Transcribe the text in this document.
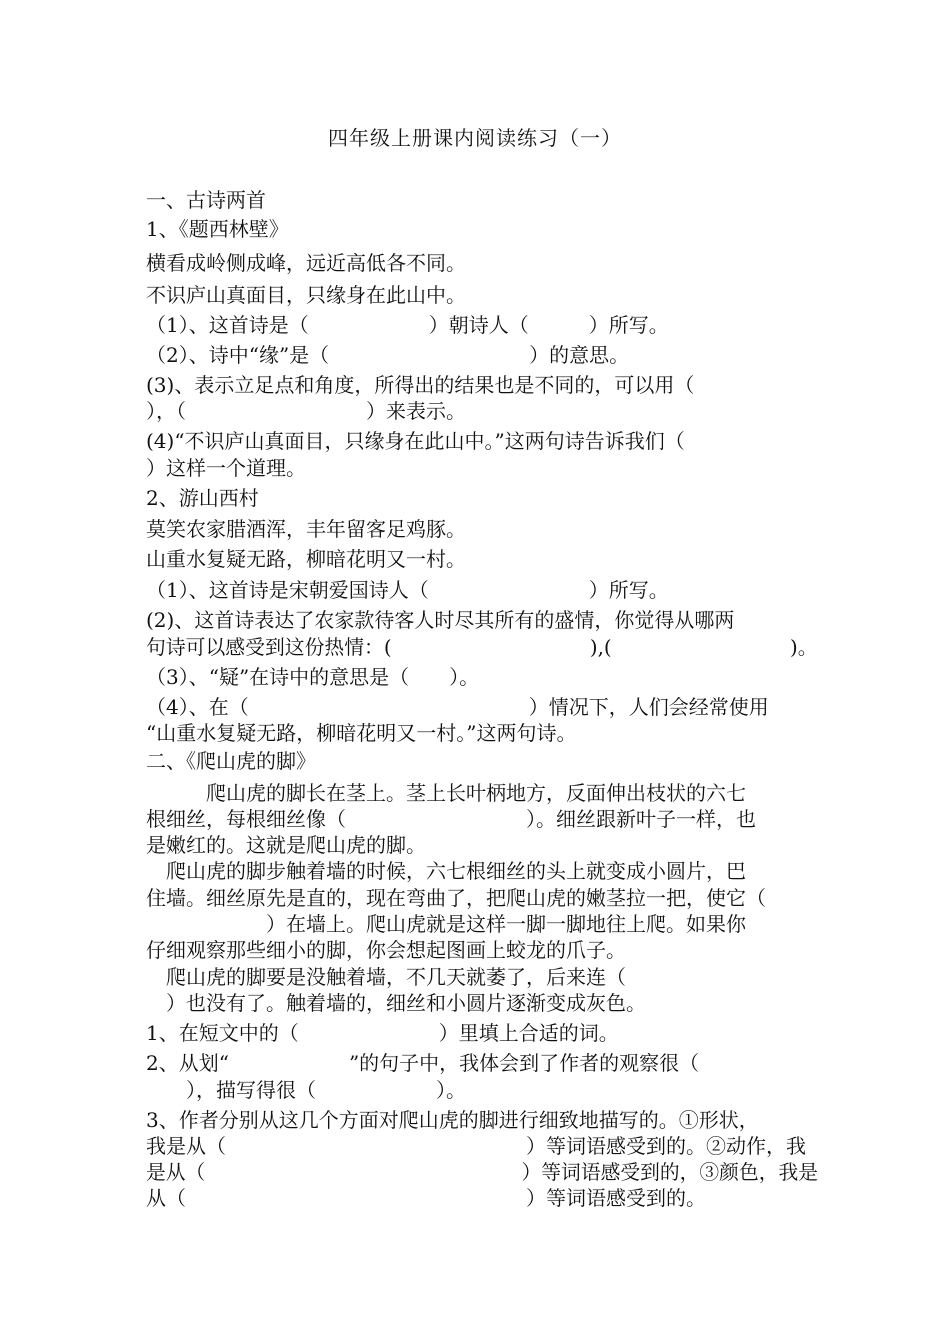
四年级上册课内阅读练习（一）
一、古诗两首
1、《题西林壁》
横看成岭侧成峰，远近高低各不同。
不识庐山真面目，只缘身在此山中。
（1）、这首诗是（　　　　　　）朝诗人（　　　）所写。
（2）、诗中“缘”是（　　　　　　　　　　）的意思。
(3)、表示立足点和角度，所得出的结果也是不同的，可以用（
），（　　　　　　　　　）来表示。
(4)“不识庐山真面目，只缘身在此山中。”这两句诗告诉我们（
）这样一个道理。
2、游山西村
莫笑农家腊酒浑，丰年留客足鸡豚。
山重水复疑无路，柳暗花明又一村。
（1）、这首诗是宋朝爱国诗人（　　　　　　　　）所写。
(2)、这首诗表达了农家款待客人时尽其所有的盛情，你觉得从哪两
句诗可以感受到这份热情：(　　　　　　　　　　),(　　　　　　　　　)。
（3）、“疑”在诗中的意思是（　　）。
（4）、在（　　　　　　　　　　　　　　）情况下，人们会经常使用
“山重水复疑无路，柳暗花明又一村。”这两句诗。
二、《爬山虎的脚》
　　　爬山虎的脚长在茎上。茎上长叶柄地方，反面伸出枝状的六七
根细丝，每根细丝像（　　　　　　　　　）。细丝跟新叶子一样，也
是嫩红的。这就是爬山虎的脚。
　爬山虎的脚步触着墙的时候，六七根细丝的头上就变成小圆片，巴
住墙。细丝原先是直的，现在弯曲了，把爬山虎的嫩茎拉一把，使它（
　　　　　　）在墙上。爬山虎就是这样一脚一脚地往上爬。如果你
仔细观察那些细小的脚，你会想起图画上蛟龙的爪子。
　爬山虎的脚要是没触着墙，不几天就萎了，后来连（
　）也没有了。触着墙的，细丝和小圆片逐渐变成灰色。
1、在短文中的（　　　　　　　）里填上合适的词。
2、从划“　　　　　　”的句子中，我体会到了作者的观察很（
　　），描写得很（　　　　　　）。
3、作者分别从这几个方面对爬山虎的脚进行细致地描写的。①形状，
我是从（　　　　　　　　　　　　　　　）等词语感受到的。②动作，我
是从（　　　　　　　　　　　　　　　　）等词语感受到的，③颜色，我是
从（　　　　　　　　　　　　　　　　　）等词语感受到的。
